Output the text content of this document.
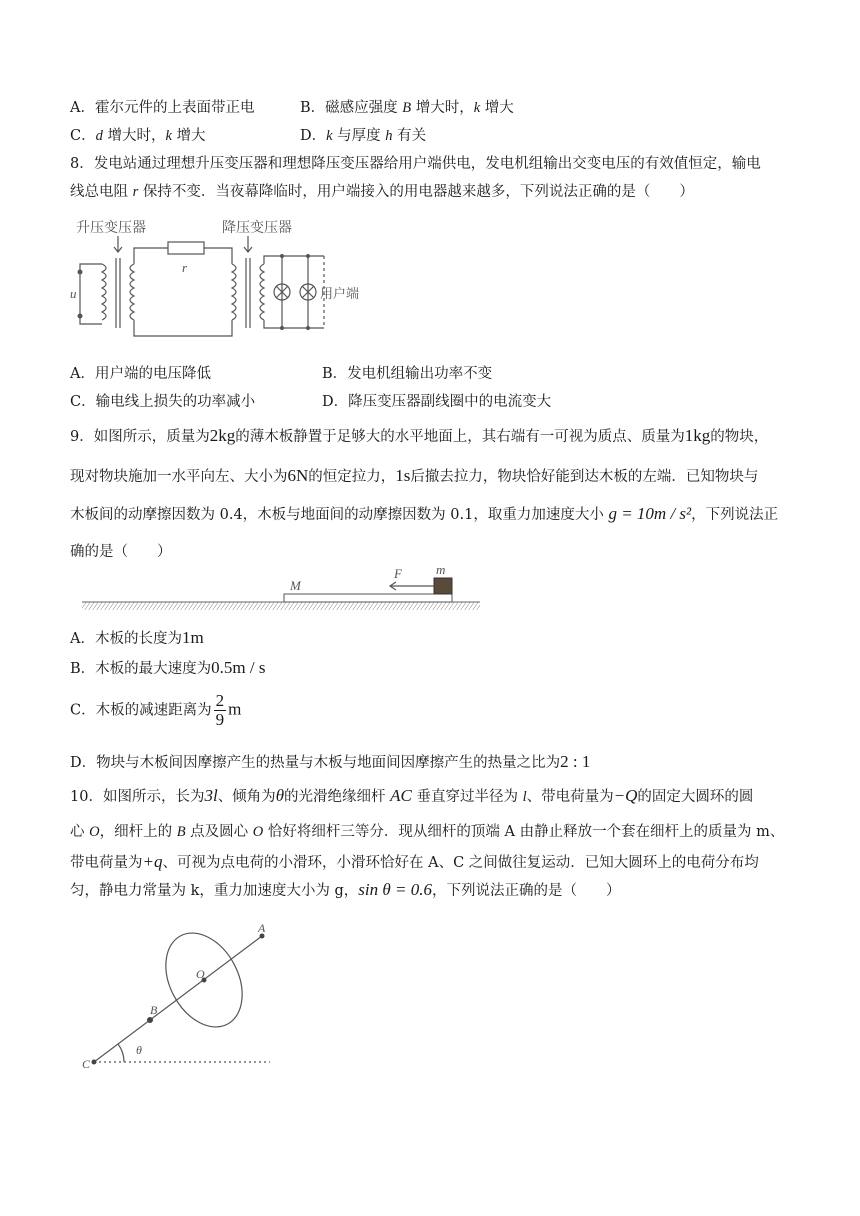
A．霍尔元件的上表面带正电	B．磁感应强度 B 增大时，k 增大
C．d 增大时，k 增大	D．k 与厚度 h 有关
8．发电站通过理想升压变压器和理想降压变压器给用户端供电，发电机组输出交变电压的有效值恒定，输电
线总电阻 r 保持不变．当夜幕降临时，用户端接入的用电器越来越多，下列说法正确的是（　　）
升压变压器	降压变压器
r
u	用户端
A．用户端的电压降低	B．发电机组输出功率不变
C．输电线上损失的功率减小	D．降压变压器副线圈中的电流变大
9．如图所示，质量为2kg的薄木板静置于足够大的水平地面上，其右端有一可视为质点、质量为1kg的物块，
现对物块施加一水平向左、大小为6N的恒定拉力，1s后撤去拉力，物块恰好能到达木板的左端．已知物块与
木板间的动摩擦因数为 0.4，木板与地面间的动摩擦因数为 0.1，取重力加速度大小 g = 10m / s²，下列说法正
确的是（　　）
M
F	m
A．木板的长度为1m
B．木板的最大速度为0.5m / s
C．木板的减速距离为 $\frac{2}{9}$ m
D．物块与木板间因摩擦产生的热量与木板与地面间因摩擦产生的热量之比为2 : 1
10．如图所示，长为3l、倾角为θ的光滑绝缘细杆 AC 垂直穿过半径为 l、带电荷量为−Q的固定大圆环的圆
心 O，细杆上的 B 点及圆心 O 恰好将细杆三等分．现从细杆的顶端 A 由静止释放一个套在细杆上的质量为 m、
带电荷量为+q、可视为点电荷的小滑环，小滑环恰好在 A、C 之间做往复运动．已知大圆环上的电荷分布均
匀，静电力常量为 k，重力加速度大小为 g，sin θ = 0.6，下列说法正确的是（　　）
A
O
B
C
θ
